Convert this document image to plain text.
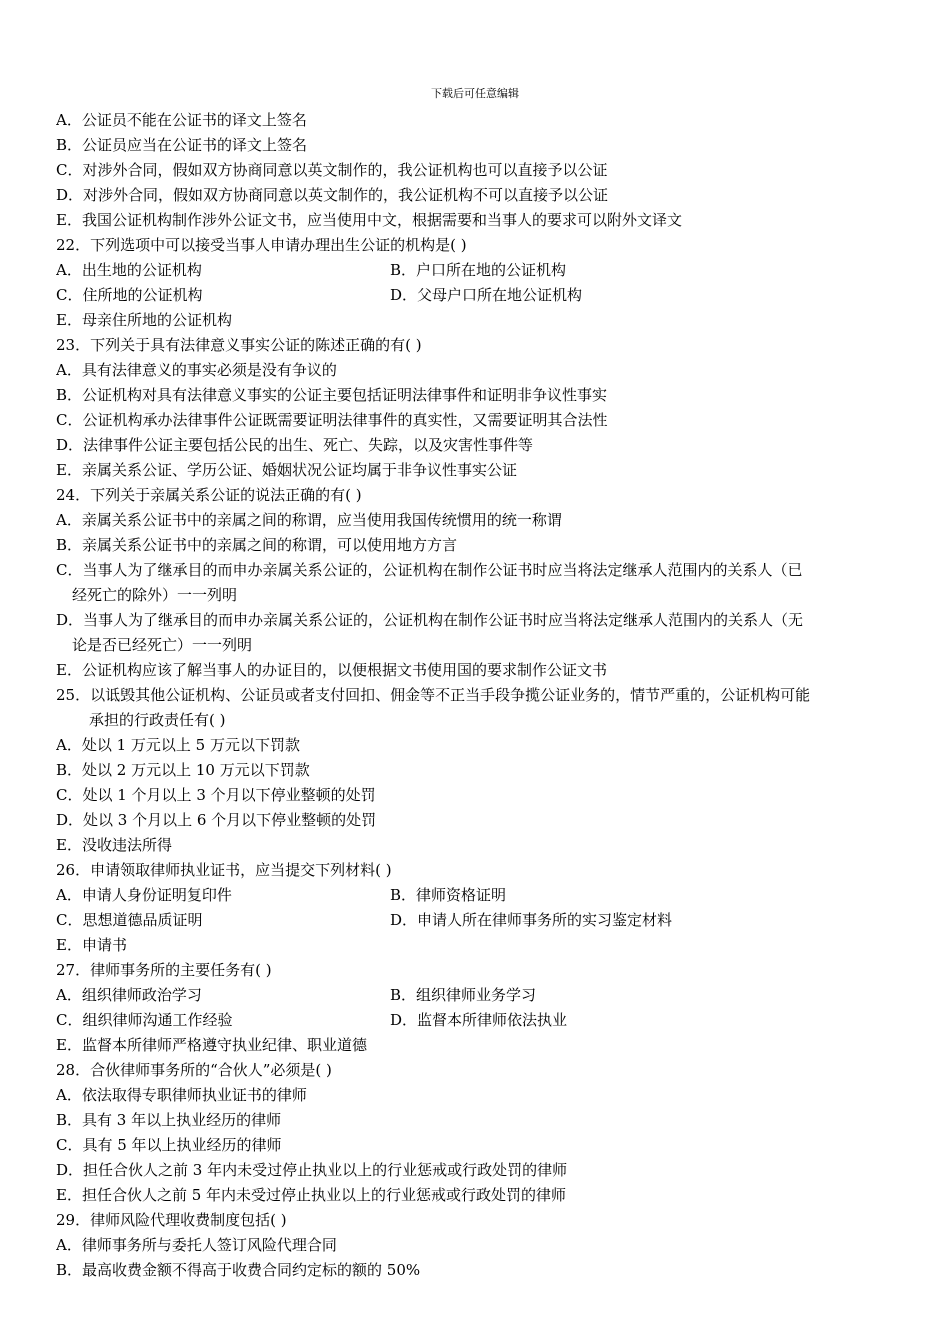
下载后可任意编辑
A．公证员不能在公证书的译文上签名
B．公证员应当在公证书的译文上签名
C．对涉外合同，假如双方协商同意以英文制作的，我公证机构也可以直接予以公证
D．对涉外合同，假如双方协商同意以英文制作的，我公证机构不可以直接予以公证
E．我国公证机构制作涉外公证文书，应当使用中文，根据需要和当事人的要求可以附外文译文
22．下列选项中可以接受当事人申请办理出生公证的机构是( )
A．出生地的公证机构	B．户口所在地的公证机构
C．住所地的公证机构	D．父母户口所在地公证机构
E．母亲住所地的公证机构
23．下列关于具有法律意义事实公证的陈述正确的有( )
A．具有法律意义的事实必须是没有争议的
B．公证机构对具有法律意义事实的公证主要包括证明法律事件和证明非争议性事实
C．公证机构承办法律事件公证既需要证明法律事件的真实性，又需要证明其合法性
D．法律事件公证主要包括公民的出生、死亡、失踪，以及灾害性事件等
E．亲属关系公证、学历公证、婚姻状况公证均属于非争议性事实公证
24．下列关于亲属关系公证的说法正确的有( )
A．亲属关系公证书中的亲属之间的称谓，应当使用我国传统惯用的统一称谓
B．亲属关系公证书中的亲属之间的称谓，可以使用地方方言
C．当事人为了继承目的而申办亲属关系公证的，公证机构在制作公证书时应当将法定继承人范围内的关系人（已
经死亡的除外）一一列明
D．当事人为了继承目的而申办亲属关系公证的，公证机构在制作公证书时应当将法定继承人范围内的关系人（无
论是否已经死亡）一一列明
E．公证机构应该了解当事人的办证目的，以便根据文书使用国的要求制作公证文书
25．以诋毁其他公证机构、公证员或者支付回扣、佣金等不正当手段争揽公证业务的，情节严重的，公证机构可能
承担的行政责任有( )
A．处以 1 万元以上 5 万元以下罚款
B．处以 2 万元以上 10 万元以下罚款
C．处以 1 个月以上 3 个月以下停业整顿的处罚
D．处以 3 个月以上 6 个月以下停业整顿的处罚
E．没收违法所得
26．申请领取律师执业证书，应当提交下列材料( )
A．申请人身份证明复印件	B．律师资格证明
C．思想道德品质证明	D．申请人所在律师事务所的实习鉴定材料
E．申请书
27．律师事务所的主要任务有( )
A．组织律师政治学习	B．组织律师业务学习
C．组织律师沟通工作经验	D．监督本所律师依法执业
E．监督本所律师严格遵守执业纪律、职业道德
28．合伙律师事务所的“合伙人”必须是( )
A．依法取得专职律师执业证书的律师
B．具有 3 年以上执业经历的律师
C．具有 5 年以上执业经历的律师
D．担任合伙人之前 3 年内未受过停止执业以上的行业惩戒或行政处罚的律师
E．担任合伙人之前 5 年内未受过停止执业以上的行业惩戒或行政处罚的律师
29．律师风险代理收费制度包括( )
A．律师事务所与委托人签订风险代理合同
B．最高收费金额不得高于收费合同约定标的额的 50%
